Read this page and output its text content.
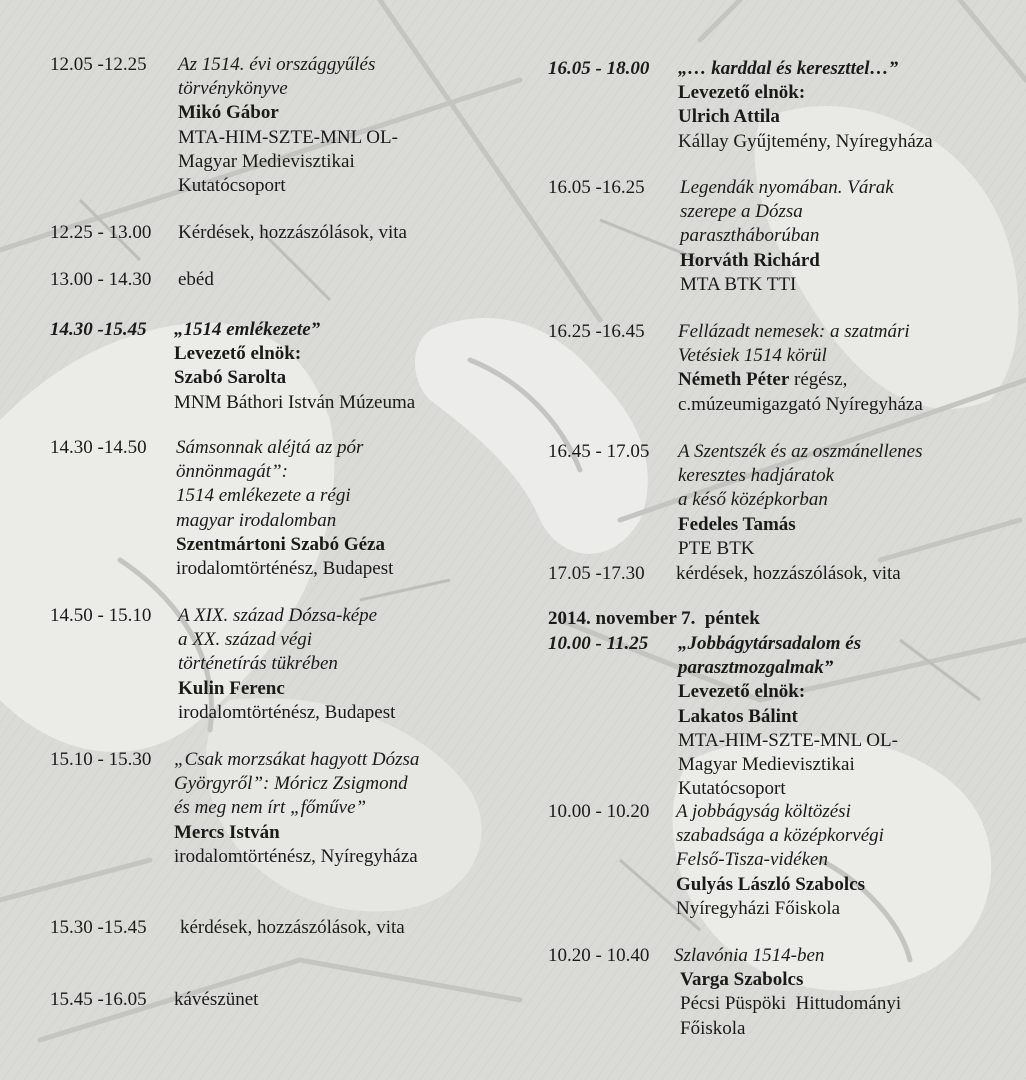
12.05 -12.25 Az 1514. évi országgyűlés
törvénykönyve
Mikó Gábor
MTA-HIM-SZTE-MNL OL-
Magyar Medievisztikai
Kutatócsoport
12.25 - 13.00 Kérdések, hozzászólások, vita
13.00 - 14.30 ebéd
14.30 -15.45 „1514 emlékezete”
Levezető elnök:
Szabó Sarolta
MNM Báthori István Múzeuma
14.30 -14.50 Sámsonnak aléjtá az pór
önnönmagát”:
1514 emlékezete a régi
magyar irodalomban
Szentmártoni Szabó Géza
irodalomtörténész, Budapest
14.50 - 15.10 A XIX. század Dózsa-képe
a XX. század végi
történetírás tükrében
Kulin Ferenc
irodalomtörténész, Budapest
15.10 - 15.30 „Csak morzsákat hagyott Dózsa
Györgyről”: Móricz Zsigmond
és meg nem írt „főműve”
Mercs István
irodalomtörténész, Nyíregyháza
15.30 -15.45 kérdések, hozzászólások, vita
15.45 -16.05 kávészünet
16.05 - 18.00 „… karddal és kereszttel…”
Levezető elnök:
Ulrich Attila
Kállay Gyűjtemény, Nyíregyháza
16.05 -16.25 Legendák nyomában. Várak
szerepe a Dózsa
parasztháborúban
Horváth Richárd
MTA BTK TTI
16.25 -16.45 Fellázadt nemesek: a szatmári
Vetésiek 1514 körül
Németh Péter régész,
c.múzeumigazgató Nyíregyháza
16.45 - 17.05 A Szentszék és az oszmánellenes
keresztes hadjáratok
a késő középkorban
Fedeles Tamás
PTE BTK
17.05 -17.30 kérdések, hozzászólások, vita
2014. november 7.  péntek
10.00 - 11.25 „Jobbágytársadalom és
parasztmozgalmak”
Levezető elnök:
Lakatos Bálint
MTA-HIM-SZTE-MNL OL-
Magyar Medievisztikai
Kutatócsoport
10.00 - 10.20 A jobbágyság költözési
szabadsága a középkorvégi
Felső-Tisza-vidéken
Gulyás László Szabolcs
Nyíregyházi Főiskola
10.20 - 10.40 Szlavónia 1514-ben
Varga Szabolcs
Pécsi Püspöki  Hittudományi
Főiskola
